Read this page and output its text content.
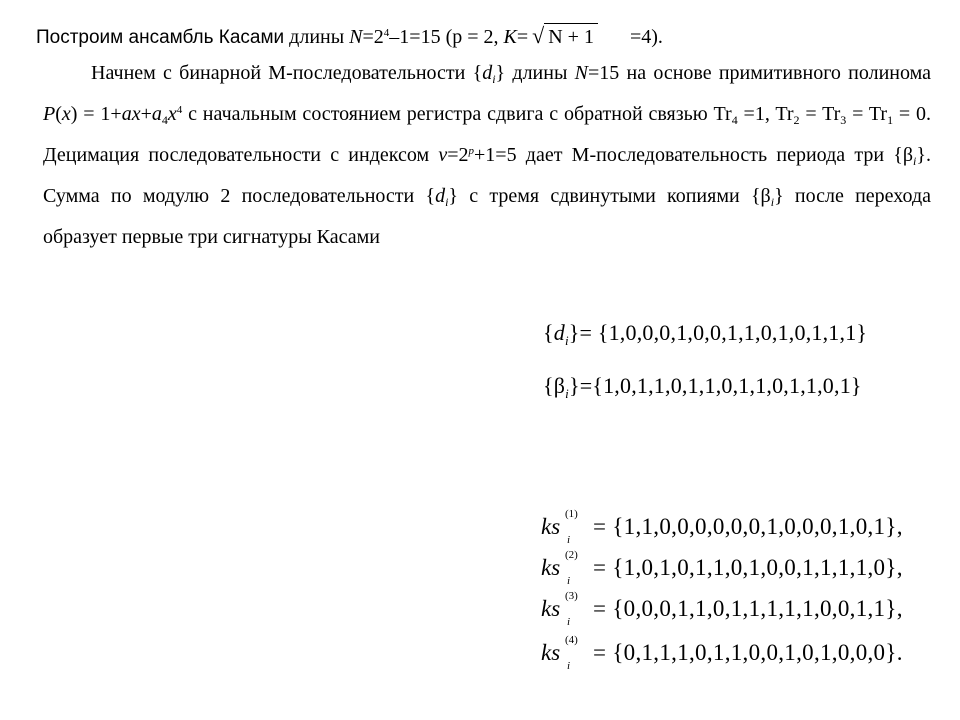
Построим ансамбль Касами длины $N=2^4-1=15$ (p = 2, K= √ N + 1 =4).

Начнем с бинарной M-последовательности $\{d_i\}$ длины N=15 на основе примитивного полинома $P(x) = 1+ax+a_4x^4$ с начальным состоянием регистра сдвига с обратной связью $Tr_4 =1$, $Tr_2 = Tr_3 = Tr_1 = 0$. Децимация последовательности с индексом $v=2^p+1=5$ дает M-последовательность периода три $\{\beta_i\}$. Сумма по модулю 2 последовательности $\{d_i\}$ с тремя сдвинутыми копиями $\{\beta_i\}$ после перехода образует первые три сигнатуры Касами

$\{d_i\}= \{1,0,0,0,1,0,0,1,1,0,1,0,1,1,1\}$
$\{\beta_i\}=\{1,0,1,1,0,1,1,0,1,1,0,1,1,0,1\}$
ks (1)
i
= {1,1,0,0,0,0,0,0,1,0,0,0,1,0,1},
ks (2)
i
= {1,0,1,0,1,1,0,1,0,0,1,1,1,1,0},
ks (3)
i
= {0,0,0,1,1,0,1,1,1,1,1,0,0,1,1},
ks (4)
i
= {0,1,1,1,0,1,1,0,0,1,0,1,0,0,0}.
